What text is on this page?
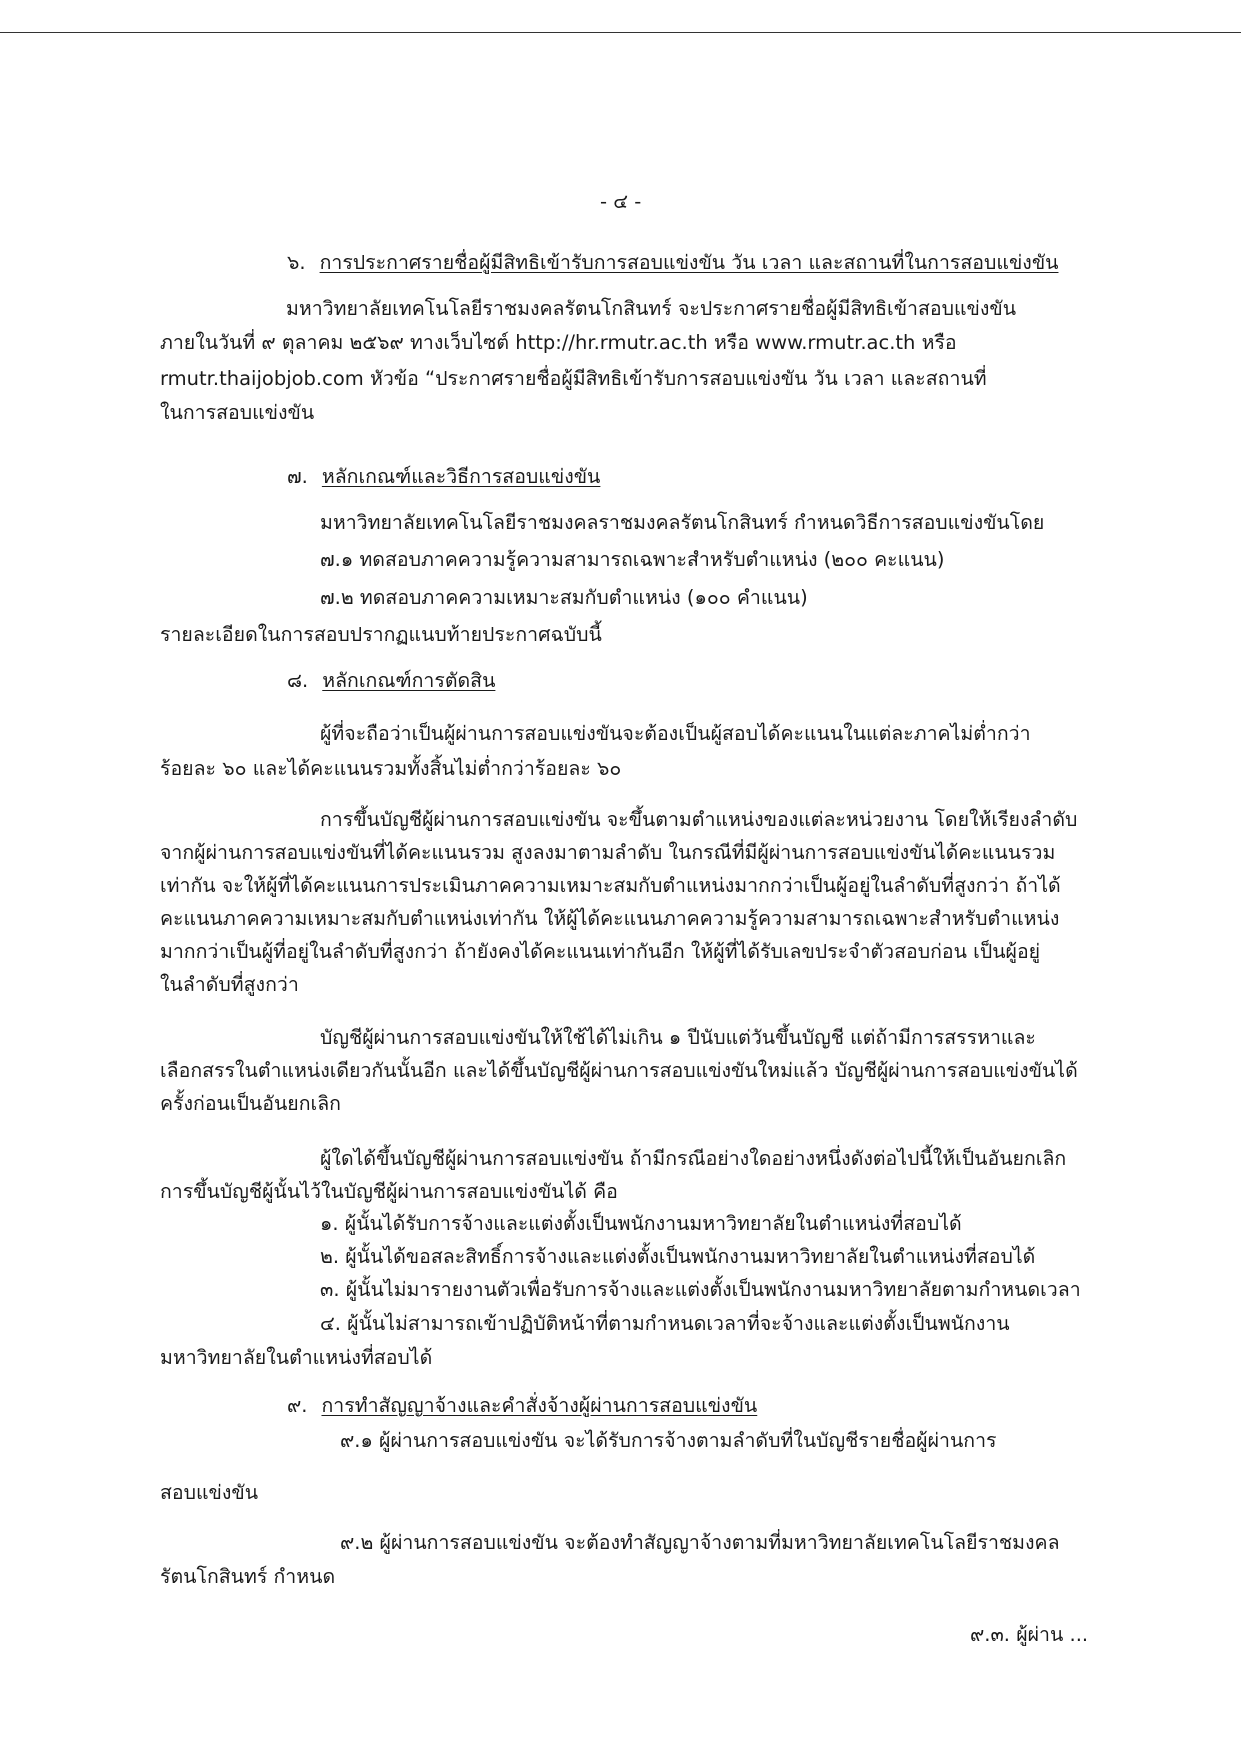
- ๔ -
๖. การประกาศรายชื่อผู้มีสิทธิเข้ารับการสอบแข่งขัน วัน เวลา และสถานที่ในการสอบแข่งขัน
มหาวิทยาลัยเทคโนโลยีราชมงคลรัตนโกสินทร์ จะประกาศรายชื่อผู้มีสิทธิเข้าสอบแข่งขัน
ภายในวันที่ ๙ ตุลาคม ๒๕๖๙ ทางเว็บไซต์ http://hr.rmutr.ac.th หรือ www.rmutr.ac.th หรือ
rmutr.thaijobjob.com หัวข้อ “ประกาศรายชื่อผู้มีสิทธิเข้ารับการสอบแข่งขัน วัน เวลา และสถานที่
ในการสอบแข่งขัน
๗. หลักเกณฑ์และวิธีการสอบแข่งขัน
มหาวิทยาลัยเทคโนโลยีราชมงคลราชมงคลรัตนโกสินทร์ กำหนดวิธีการสอบแข่งขันโดย
๗.๑ ทดสอบภาคความรู้ความสามารถเฉพาะสำหรับตำแหน่ง (๒๐๐ คะแนน)
๗.๒ ทดสอบภาคความเหมาะสมกับตำแหน่ง (๑๐๐ คำแนน)
รายละเอียดในการสอบปรากฏแนบท้ายประกาศฉบับนี้
๘. หลักเกณฑ์การตัดสิน
ผู้ที่จะถือว่าเป็นผู้ผ่านการสอบแข่งขันจะต้องเป็นผู้สอบได้คะแนนในแต่ละภาคไม่ต่ำกว่า
ร้อยละ ๖๐ และได้คะแนนรวมทั้งสิ้นไม่ต่ำกว่าร้อยละ ๖๐
การขึ้นบัญชีผู้ผ่านการสอบแข่งขัน จะขึ้นตามตำแหน่งของแต่ละหน่วยงาน โดยให้เรียงลำดับ
จากผู้ผ่านการสอบแข่งขันที่ได้คะแนนรวม สูงลงมาตามลำดับ ในกรณีที่มีผู้ผ่านการสอบแข่งขันได้คะแนนรวม
เท่ากัน จะให้ผู้ที่ได้คะแนนการประเมินภาคความเหมาะสมกับตำแหน่งมากกว่าเป็นผู้อยู่ในลำดับที่สูงกว่า ถ้าได้
คะแนนภาคความเหมาะสมกับตำแหน่งเท่ากัน ให้ผู้ได้คะแนนภาคความรู้ความสามารถเฉพาะสำหรับตำแหน่ง
มากกว่าเป็นผู้ที่อยู่ในลำดับที่สูงกว่า ถ้ายังคงได้คะแนนเท่ากันอีก ให้ผู้ที่ได้รับเลขประจำตัวสอบก่อน เป็นผู้อยู่
ในลำดับที่สูงกว่า
บัญชีผู้ผ่านการสอบแข่งขันให้ใช้ได้ไม่เกิน ๑ ปีนับแต่วันขึ้นบัญชี แต่ถ้ามีการสรรหาและ
เลือกสรรในตำแหน่งเดียวกันนั้นอีก และได้ขึ้นบัญชีผู้ผ่านการสอบแข่งขันใหม่แล้ว บัญชีผู้ผ่านการสอบแข่งขันได้
ครั้งก่อนเป็นอันยกเลิก
ผู้ใดได้ขึ้นบัญชีผู้ผ่านการสอบแข่งขัน ถ้ามีกรณีอย่างใดอย่างหนึ่งดังต่อไปนี้ให้เป็นอันยกเลิก
การขึ้นบัญชีผู้นั้นไว้ในบัญชีผู้ผ่านการสอบแข่งขันได้ คือ
๑. ผู้นั้นได้รับการจ้างและแต่งตั้งเป็นพนักงานมหาวิทยาลัยในตำแหน่งที่สอบได้
๒. ผู้นั้นได้ขอสละสิทธิ์การจ้างและแต่งตั้งเป็นพนักงานมหาวิทยาลัยในตำแหน่งที่สอบได้
๓. ผู้นั้นไม่มารายงานตัวเพื่อรับการจ้างและแต่งตั้งเป็นพนักงานมหาวิทยาลัยตามกำหนดเวลา
๔. ผู้นั้นไม่สามารถเข้าปฏิบัติหน้าที่ตามกำหนดเวลาที่จะจ้างและแต่งตั้งเป็นพนักงาน
มหาวิทยาลัยในตำแหน่งที่สอบได้
๙. การทำสัญญาจ้างและคำสั่งจ้างผู้ผ่านการสอบแข่งขัน
๙.๑ ผู้ผ่านการสอบแข่งขัน จะได้รับการจ้างตามลำดับที่ในบัญชีรายชื่อผู้ผ่านการ
สอบแข่งขัน
๙.๒ ผู้ผ่านการสอบแข่งขัน จะต้องทำสัญญาจ้างตามที่มหาวิทยาลัยเทคโนโลยีราชมงคล
รัตนโกสินทร์ กำหนด
๙.๓. ผู้ผ่าน ...
